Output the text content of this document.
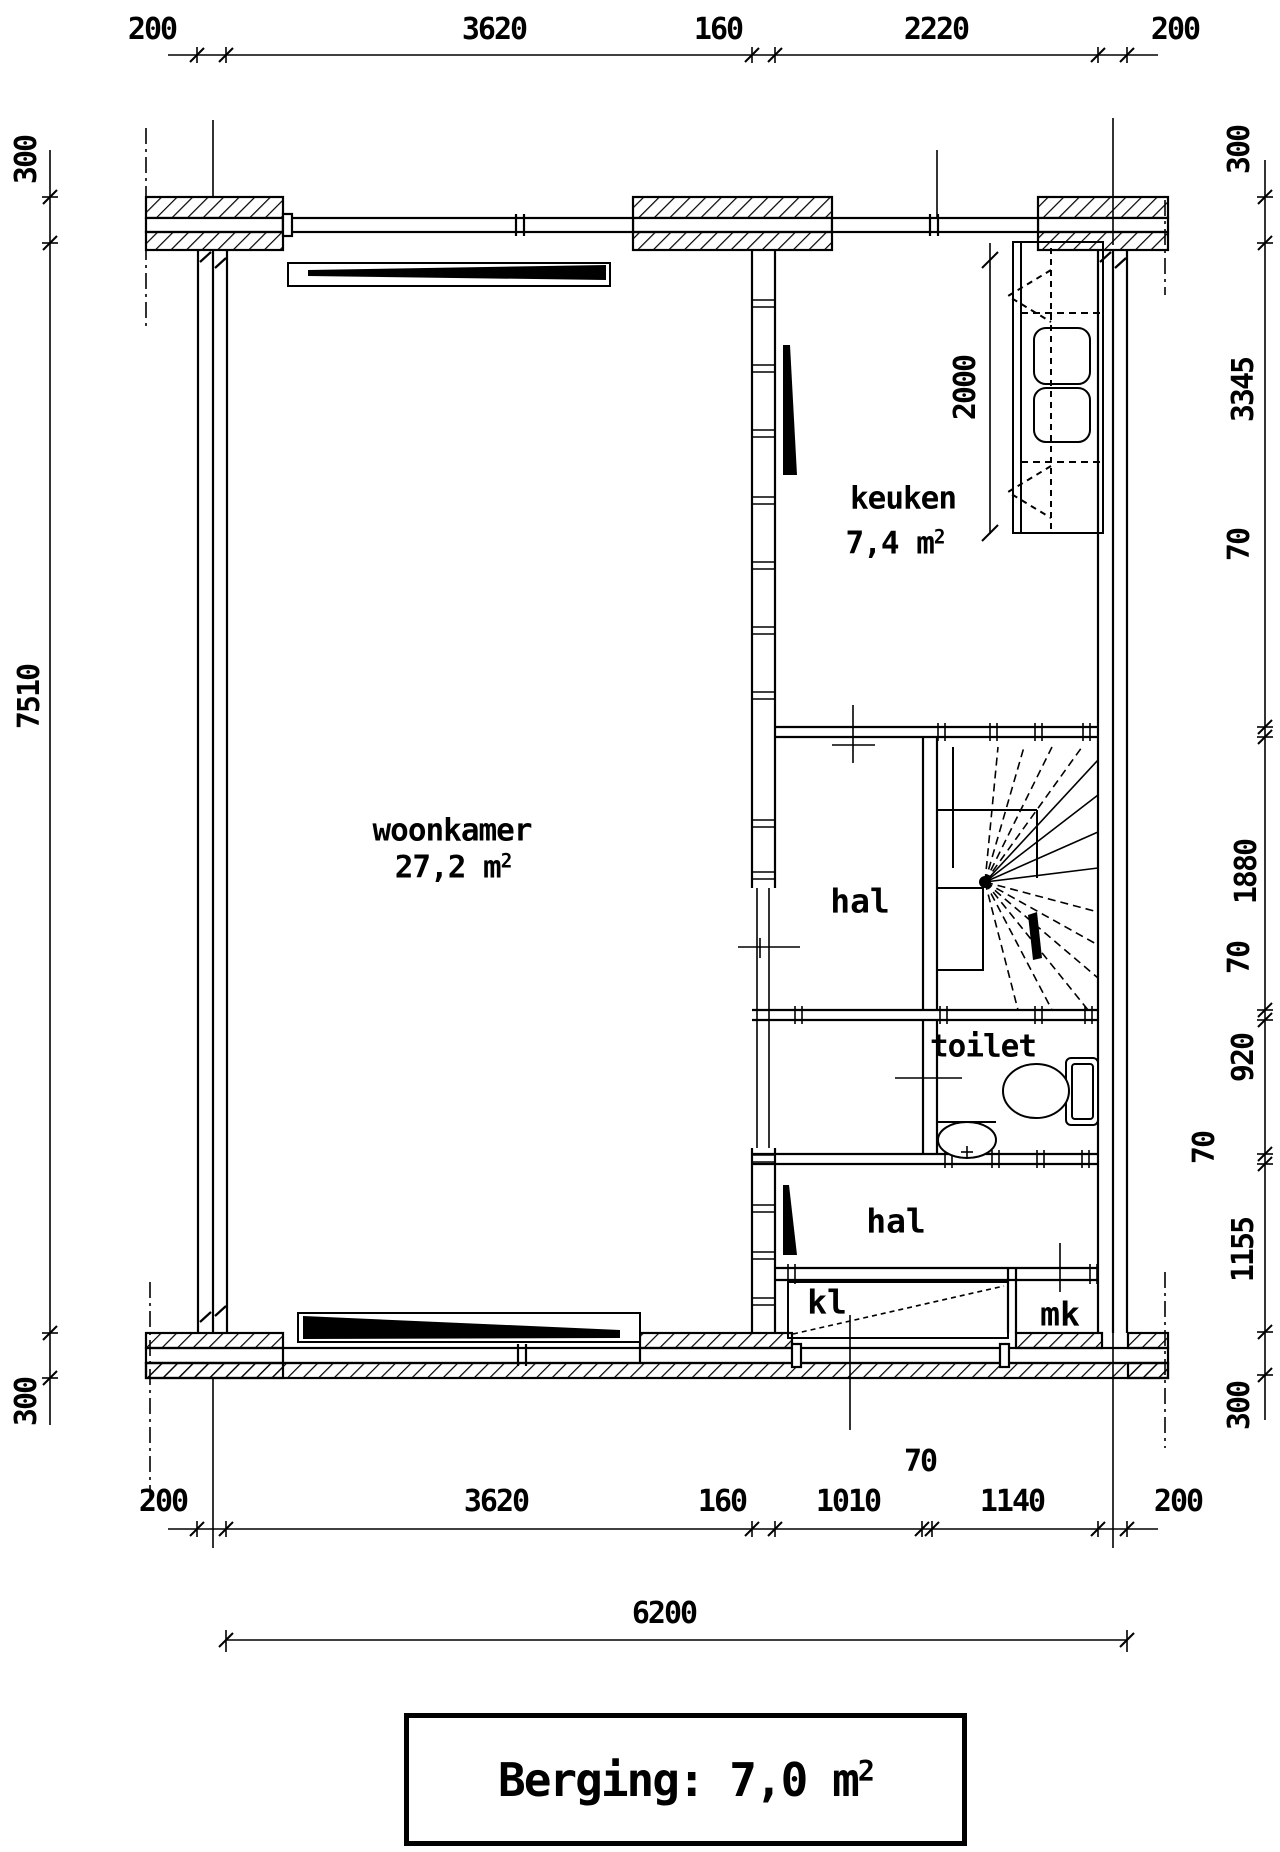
200	3620	160	2220	200
300
7510
300
300
3345
70
1880
70
920
70
1155
300
200	3620	160 1010
70
1140	200
6200
2000
woonkamer
27,2 $m^2$
keuken
7,4 $m^2$
hal
toilet
hal
kl	mk
Berging: 7,0 $m^2$
